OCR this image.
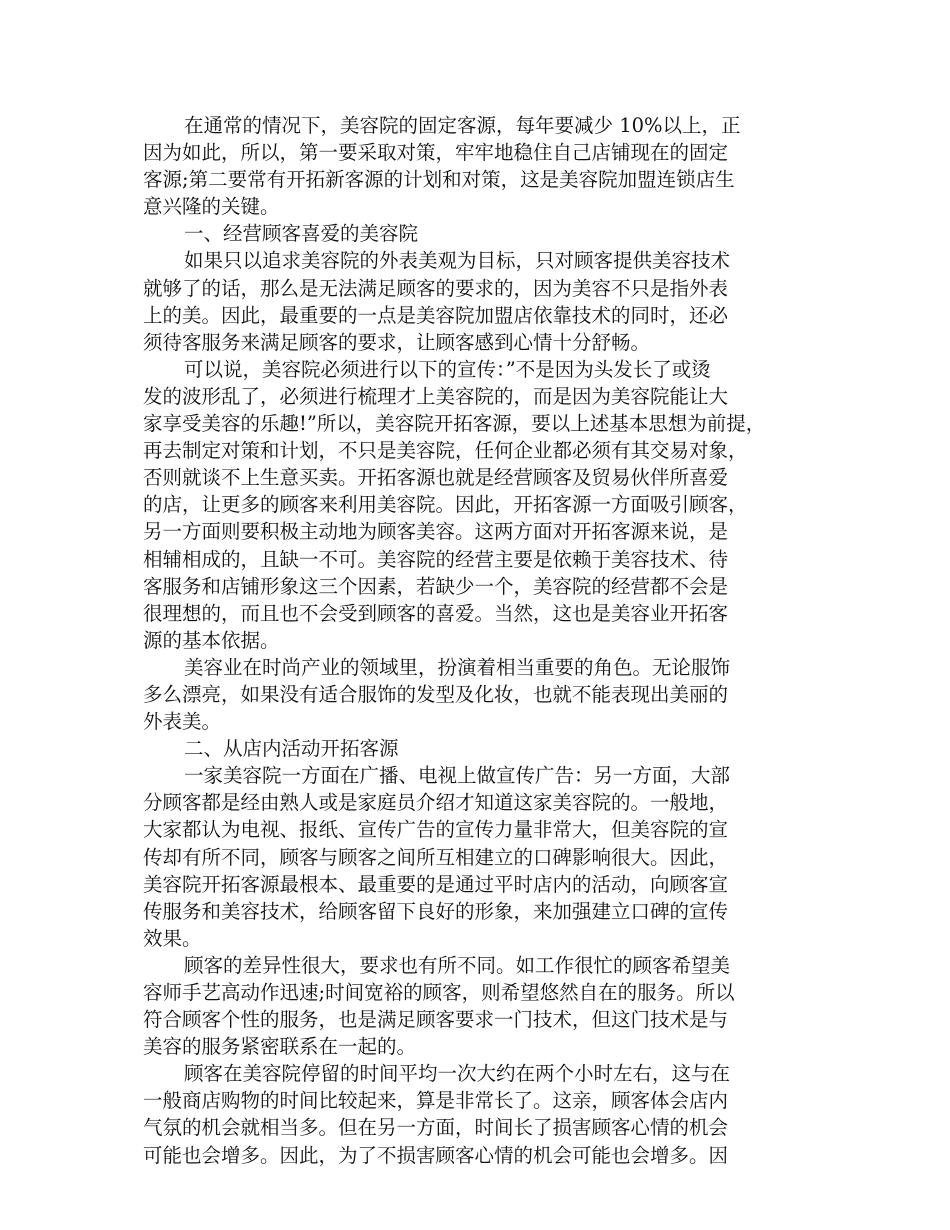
在通常的情况下，美容院的固定客源，每年要减少 10%以上，正
因为如此，所以，第一要采取对策，牢牢地稳住自己店铺现在的固定
客源;第二要常有开拓新客源的计划和对策，这是美容院加盟连锁店生
意兴隆的关键。
一、经营顾客喜爱的美容院
如果只以追求美容院的外表美观为目标，只对顾客提供美容技术
就够了的话，那么是无法满足顾客的要求的，因为美容不只是指外表
上的美。因此，最重要的一点是美容院加盟店依靠技术的同时，还必
须待客服务来满足顾客的要求，让顾客感到心情十分舒畅。
可以说，美容院必须进行以下的宣传：”不是因为头发长了或烫
发的波形乱了，必须进行梳理才上美容院的，而是因为美容院能让大
家享受美容的乐趣!”所以，美容院开拓客源，要以上述基本思想为前提，
再去制定对策和计划，不只是美容院，任何企业都必须有其交易对象，
否则就谈不上生意买卖。开拓客源也就是经营顾客及贸易伙伴所喜爱
的店，让更多的顾客来利用美容院。因此，开拓客源一方面吸引顾客，
另一方面则要积极主动地为顾客美容。这两方面对开拓客源来说，是
相辅相成的，且缺一不可。美容院的经营主要是依赖于美容技术、待
客服务和店铺形象这三个因素，若缺少一个，美容院的经营都不会是
很理想的，而且也不会受到顾客的喜爱。当然，这也是美容业开拓客
源的基本依据。
美容业在时尚产业的领域里，扮演着相当重要的角色。无论服饰
多么漂亮，如果没有适合服饰的发型及化妆，也就不能表现出美丽的
外表美。
二、从店内活动开拓客源
一家美容院一方面在广播、电视上做宣传广告：另一方面，大部
分顾客都是经由熟人或是家庭员介绍才知道这家美容院的。一般地，
大家都认为电视、报纸、宣传广告的宣传力量非常大，但美容院的宣
传却有所不同，顾客与顾客之间所互相建立的口碑影响很大。因此，
美容院开拓客源最根本、最重要的是通过平时店内的活动，向顾客宣
传服务和美容技术，给顾客留下良好的形象，来加强建立口碑的宣传
效果。
顾客的差异性很大，要求也有所不同。如工作很忙的顾客希望美
容师手艺高动作迅速;时间宽裕的顾客，则希望悠然自在的服务。所以
符合顾客个性的服务，也是满足顾客要求一门技术，但这门技术是与
美容的服务紧密联系在一起的。
顾客在美容院停留的时间平均一次大约在两个小时左右，这与在
一般商店购物的时间比较起来，算是非常长了。这亲，顾客体会店内
气氛的机会就相当多。但在另一方面，时间长了损害顾客心情的机会
可能也会增多。因此，为了不损害顾客心情的机会可能也会增多。因
